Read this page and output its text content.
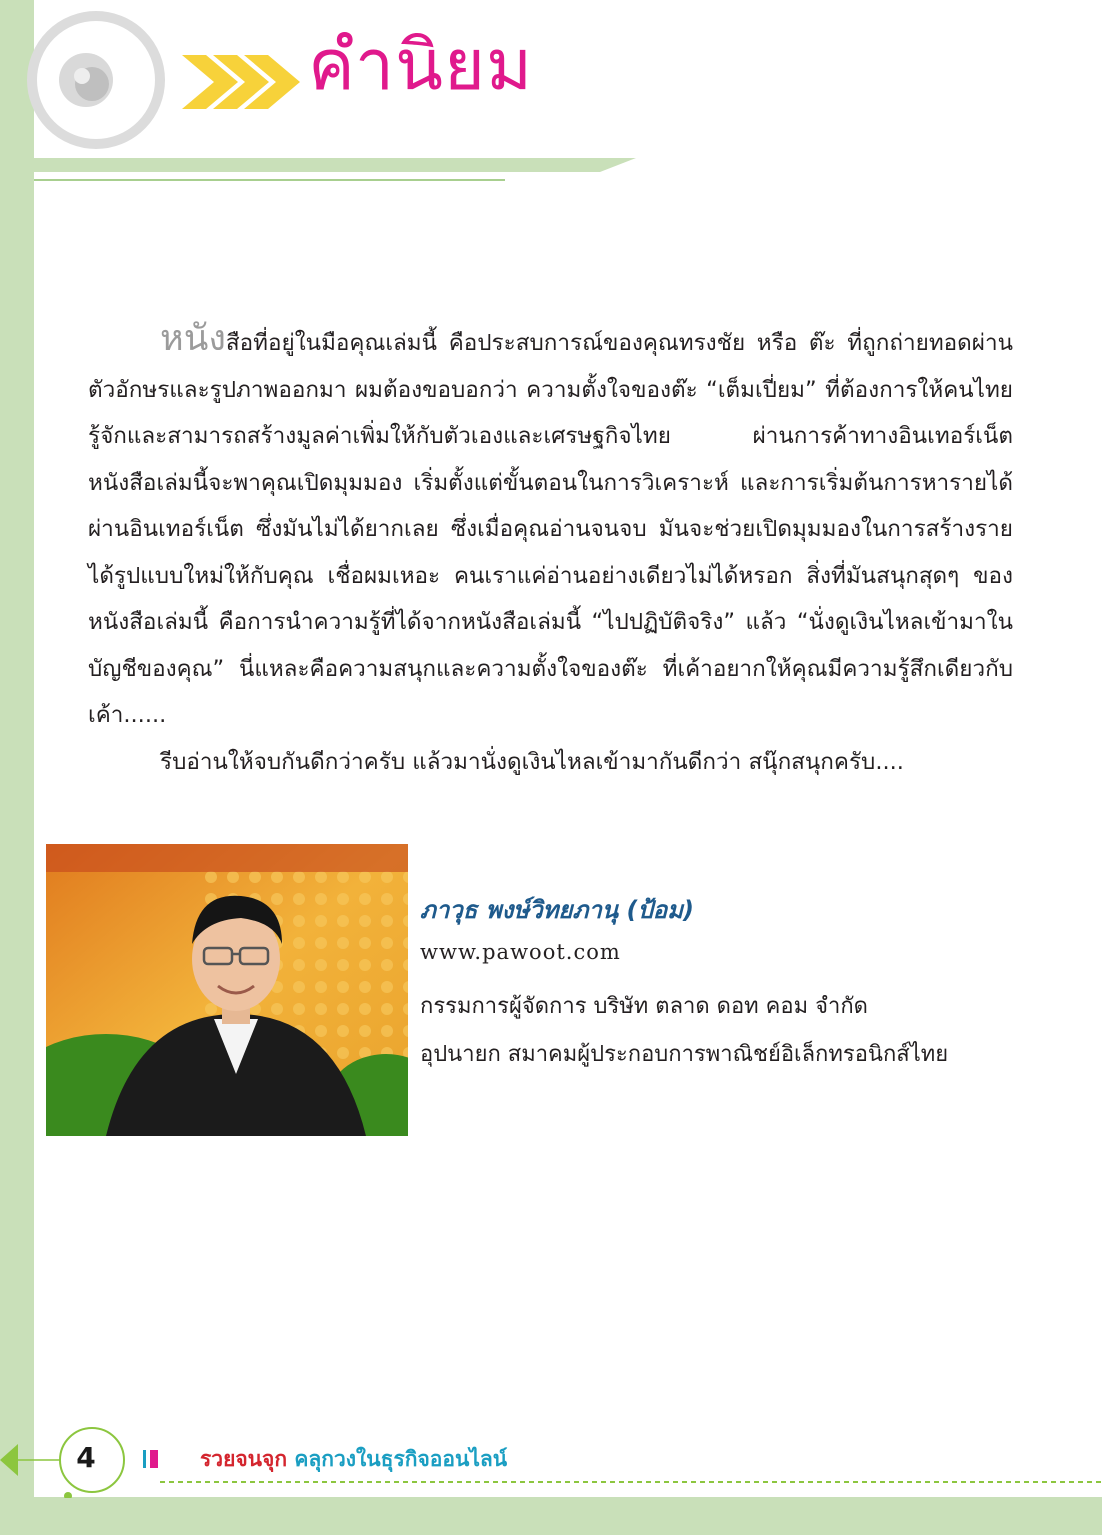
คำนิยม

หนังสือที่อยู่ในมือคุณเล่มนี้ คือประสบการณ์ของคุณทรงชัย หรือ ต๊ะ ที่ถูกถ่ายทอดผ่านตัวอักษรและรูปภาพออกมา ผมต้องขอบอกว่า ความตั้งใจของต๊ะ “เต็มเปี่ยม” ที่ต้องการให้คนไทยรู้จักและสามารถสร้างมูลค่าเพิ่มให้กับตัวเองและเศรษฐกิจไทย ผ่านการค้าทางอินเทอร์เน็ต หนังสือเล่มนี้จะพาคุณเปิดมุมมอง เริ่มตั้งแต่ขั้นตอนในการวิเคราะห์ และการเริ่มต้นการหารายได้ผ่านอินเทอร์เน็ต ซึ่งมันไม่ได้ยากเลย ซึ่งเมื่อคุณอ่านจนจบ มันจะช่วยเปิดมุมมองในการสร้างรายได้รูปแบบใหม่ให้กับคุณ เชื่อผมเหอะ คนเราแค่อ่านอย่างเดียวไม่ได้หรอก สิ่งที่มันสนุกสุดๆ ของหนังสือเล่มนี้ คือการนำความรู้ที่ได้จากหนังสือเล่มนี้ “ไปปฏิบัติจริง” แล้ว “นั่งดูเงินไหลเข้ามาในบัญชีของคุณ” นี่แหละคือความสนุกและความตั้งใจของต๊ะ ที่เค้าอยากให้คุณมีความรู้สึกเดียวกับเค้า......

รีบอ่านให้จบกันดีกว่าครับ แล้วมานั่งดูเงินไหลเข้ามากันดีกว่า สนุ๊กสนุกครับ....

ภาวุธ พงษ์วิทยภานุ (ป้อม)

www.pawoot.com

กรรมการผู้จัดการ บริษัท ตลาด ดอท คอม จำกัด

อุปนายก สมาคมผู้ประกอบการพาณิชย์อิเล็กทรอนิกส์ไทย

4	รวยจนจุก คลุกวงในธุรกิจออนไลน์
